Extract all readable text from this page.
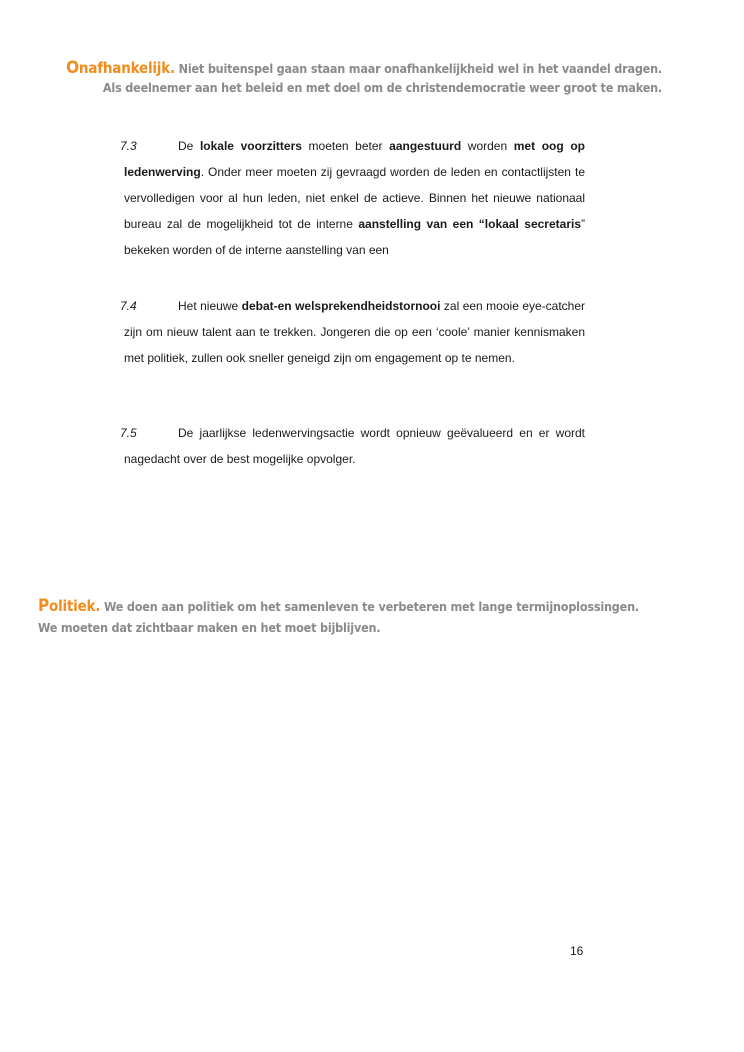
Onafhankelijk. Niet buitenspel gaan staan maar onafhankelijkheid wel in het vaandel dragen.
Als deelnemer aan het beleid en met doel om de christendemocratie weer groot te maken.
7.3	De lokale voorzitters moeten beter aangestuurd worden met oog op ledenwerving. Onder meer moeten zij gevraagd worden de leden en contactlijsten te vervolledigen voor al hun leden, niet enkel de actieve. Binnen het nieuwe nationaal bureau zal de mogelijkheid tot de interne aanstelling van een “lokaal secretaris” bekeken worden of de interne aanstelling van een
7.4	Het nieuwe debat-en welsprekendheidstornooi zal een mooie eye-catcher zijn om nieuw talent aan te trekken. Jongeren die op een ‘coole’ manier kennismaken met politiek, zullen ook sneller geneigd zijn om engagement op te nemen.
7.5	De jaarlijkse ledenwervingsactie wordt opnieuw geëvalueerd en er wordt nagedacht over de best mogelijke opvolger.
Politiek. We doen aan politiek om het samenleven te verbeteren met lange termijnoplossingen.
We moeten dat zichtbaar maken en het moet bijblijven.
16
